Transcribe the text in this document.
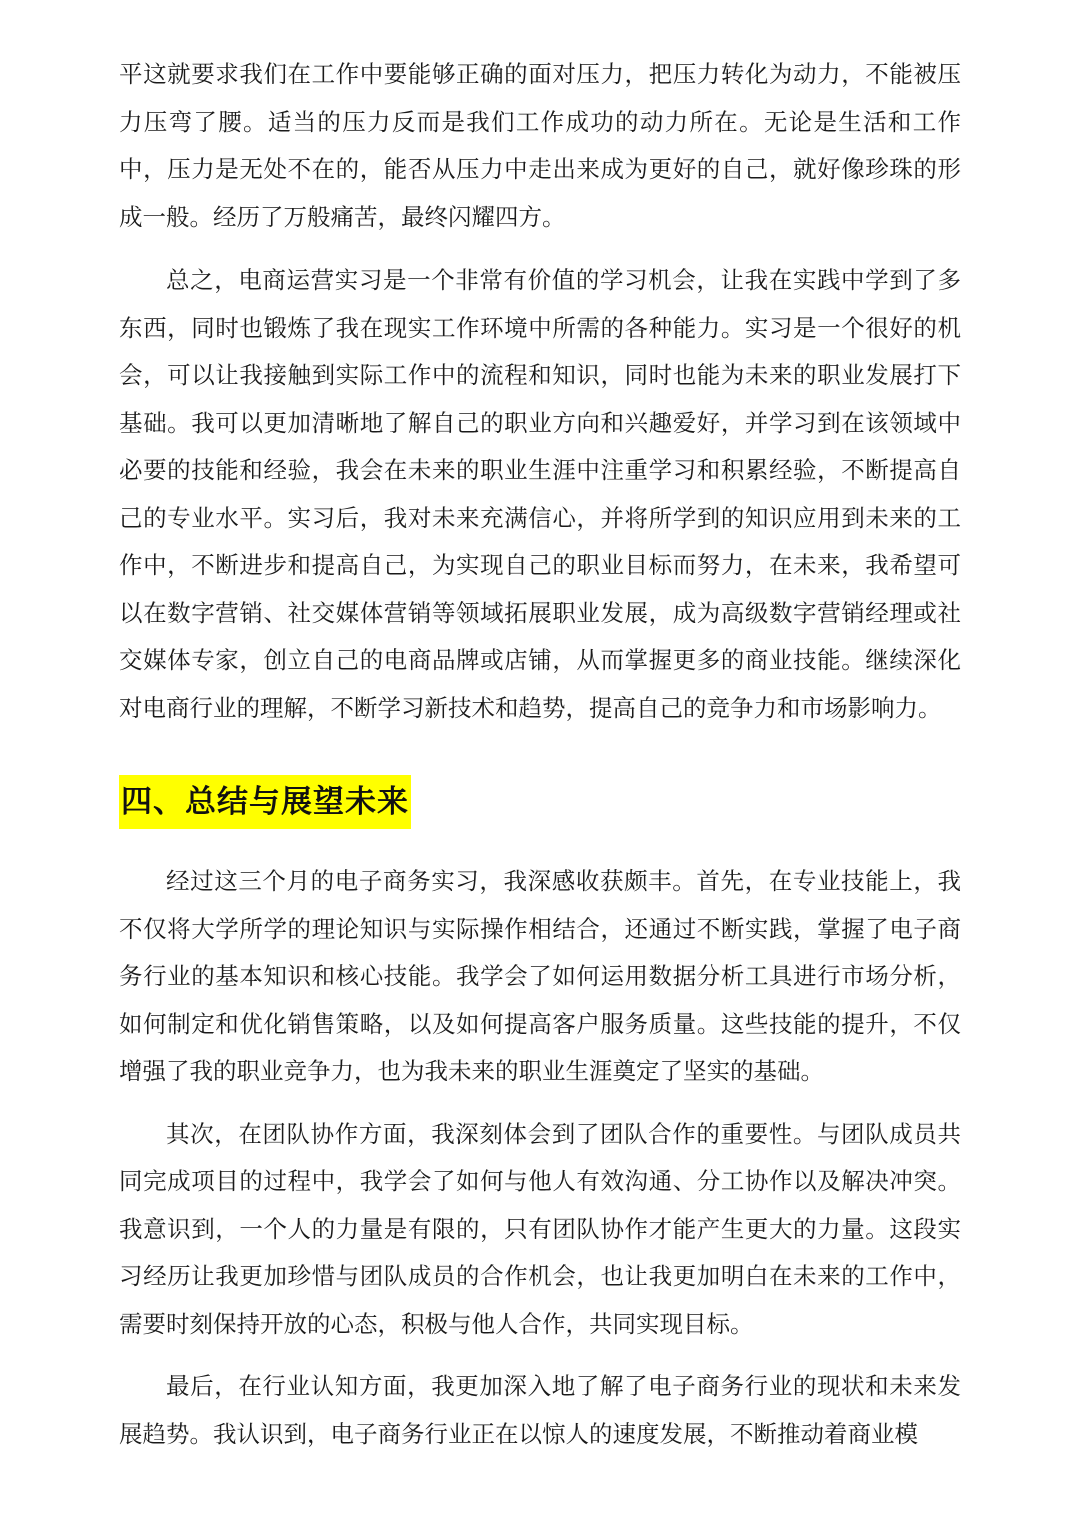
平这就要求我们在工作中要能够正确的面对压力，把压力转化为动力，不能被压力压弯了腰。适当的压力反而是我们工作成功的动力所在。无论是生活和工作中，压力是无处不在的，能否从压力中走出来成为更好的自己，就好像珍珠的形成一般。经历了万般痛苦，最终闪耀四方。

总之，电商运营实习是一个非常有价值的学习机会，让我在实践中学到了多东西，同时也锻炼了我在现实工作环境中所需的各种能力。实习是一个很好的机会，可以让我接触到实际工作中的流程和知识，同时也能为未来的职业发展打下基础。我可以更加清晰地了解自己的职业方向和兴趣爱好，并学习到在该领域中必要的技能和经验，我会在未来的职业生涯中注重学习和积累经验，不断提高自己的专业水平。实习后，我对未来充满信心，并将所学到的知识应用到未来的工作中，不断进步和提高自己，为实现自己的职业目标而努力，在未来，我希望可以在数字营销、社交媒体营销等领域拓展职业发展，成为高级数字营销经理或社交媒体专家，创立自己的电商品牌或店铺，从而掌握更多的商业技能。继续深化对电商行业的理解，不断学习新技术和趋势，提高自己的竞争力和市场影响力。

四、总结与展望未来

经过这三个月的电子商务实习，我深感收获颇丰。首先，在专业技能上，我不仅将大学所学的理论知识与实际操作相结合，还通过不断实践，掌握了电子商务行业的基本知识和核心技能。我学会了如何运用数据分析工具进行市场分析，如何制定和优化销售策略，以及如何提高客户服务质量。这些技能的提升，不仅增强了我的职业竞争力，也为我未来的职业生涯奠定了坚实的基础。

其次，在团队协作方面，我深刻体会到了团队合作的重要性。与团队成员共同完成项目的过程中，我学会了如何与他人有效沟通、分工协作以及解决冲突。我意识到，一个人的力量是有限的，只有团队协作才能产生更大的力量。这段实习经历让我更加珍惜与团队成员的合作机会，也让我更加明白在未来的工作中，需要时刻保持开放的心态，积极与他人合作，共同实现目标。

最后，在行业认知方面，我更加深入地了解了电子商务行业的现状和未来发展趋势。我认识到，电子商务行业正在以惊人的速度发展，不断推动着商业模
